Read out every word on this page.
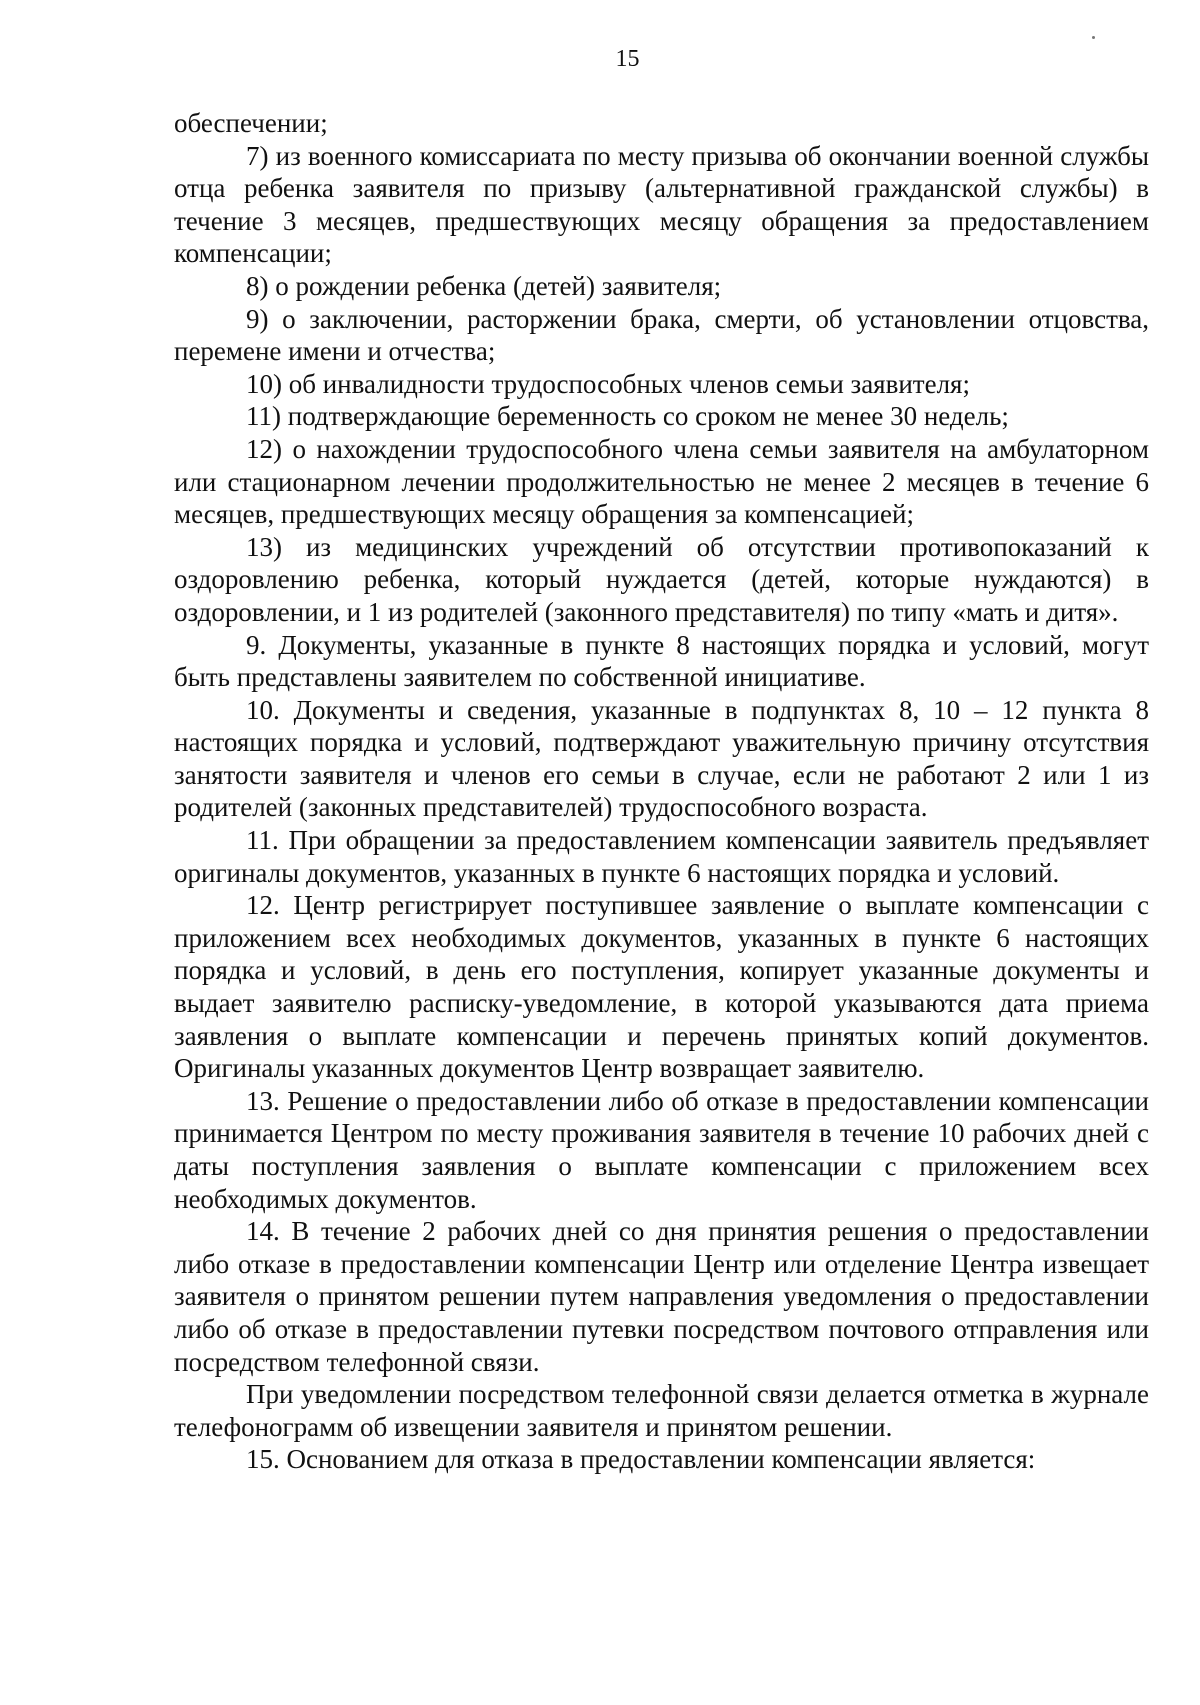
15

обеспечении;

7) из военного комиссариата по месту призыва об окончании военной службы отца ребенка заявителя по призыву (альтернативной гражданской службы) в течение 3 месяцев, предшествующих месяцу обращения за предоставлением компенсации;

8) о рождении ребенка (детей) заявителя;

9) о заключении, расторжении брака, смерти, об установлении отцовства, перемене имени и отчества;

10) об инвалидности трудоспособных членов семьи заявителя;

11) подтверждающие беременность со сроком не менее 30 недель;

12) о нахождении трудоспособного члена семьи заявителя на амбулаторном или стационарном лечении продолжительностью не менее 2 месяцев в течение 6 месяцев, предшествующих месяцу обращения за компенсацией;

13) из медицинских учреждений об отсутствии противопоказаний к оздоровлению ребенка, который нуждается (детей, которые нуждаются) в оздоровлении, и 1 из родителей (законного представителя) по типу «мать и дитя».

9. Документы, указанные в пункте 8 настоящих порядка и условий, могут быть представлены заявителем по собственной инициативе.

10. Документы и сведения, указанные в подпунктах 8, 10 – 12 пункта 8 настоящих порядка и условий, подтверждают уважительную причину отсутствия занятости заявителя и членов его семьи в случае, если не работают 2 или 1 из родителей (законных представителей) трудоспособного возраста.

11. При обращении за предоставлением компенсации заявитель предъявляет оригиналы документов, указанных в пункте 6 настоящих порядка и условий.

12. Центр регистрирует поступившее заявление о выплате компенсации с приложением всех необходимых документов, указанных в пункте 6 настоящих порядка и условий, в день его поступления, копирует указанные документы и выдает заявителю расписку-уведомление, в которой указываются дата приема заявления о выплате компенсации и перечень принятых копий документов. Оригиналы указанных документов Центр возвращает заявителю.

13. Решение о предоставлении либо об отказе в предоставлении компенсации принимается Центром по месту проживания заявителя в течение 10 рабочих дней с даты поступления заявления о выплате компенсации с приложением всех необходимых документов.

14. В течение 2 рабочих дней со дня принятия решения о предоставлении либо отказе в предоставлении компенсации Центр или отделение Центра извещает заявителя о принятом решении путем направления уведомления о предоставлении либо об отказе в предоставлении путевки посредством почтового отправления или посредством телефонной связи.

При уведомлении посредством телефонной связи делается отметка в журнале телефонограмм об извещении заявителя и принятом решении.

15. Основанием для отказа в предоставлении компенсации является:
